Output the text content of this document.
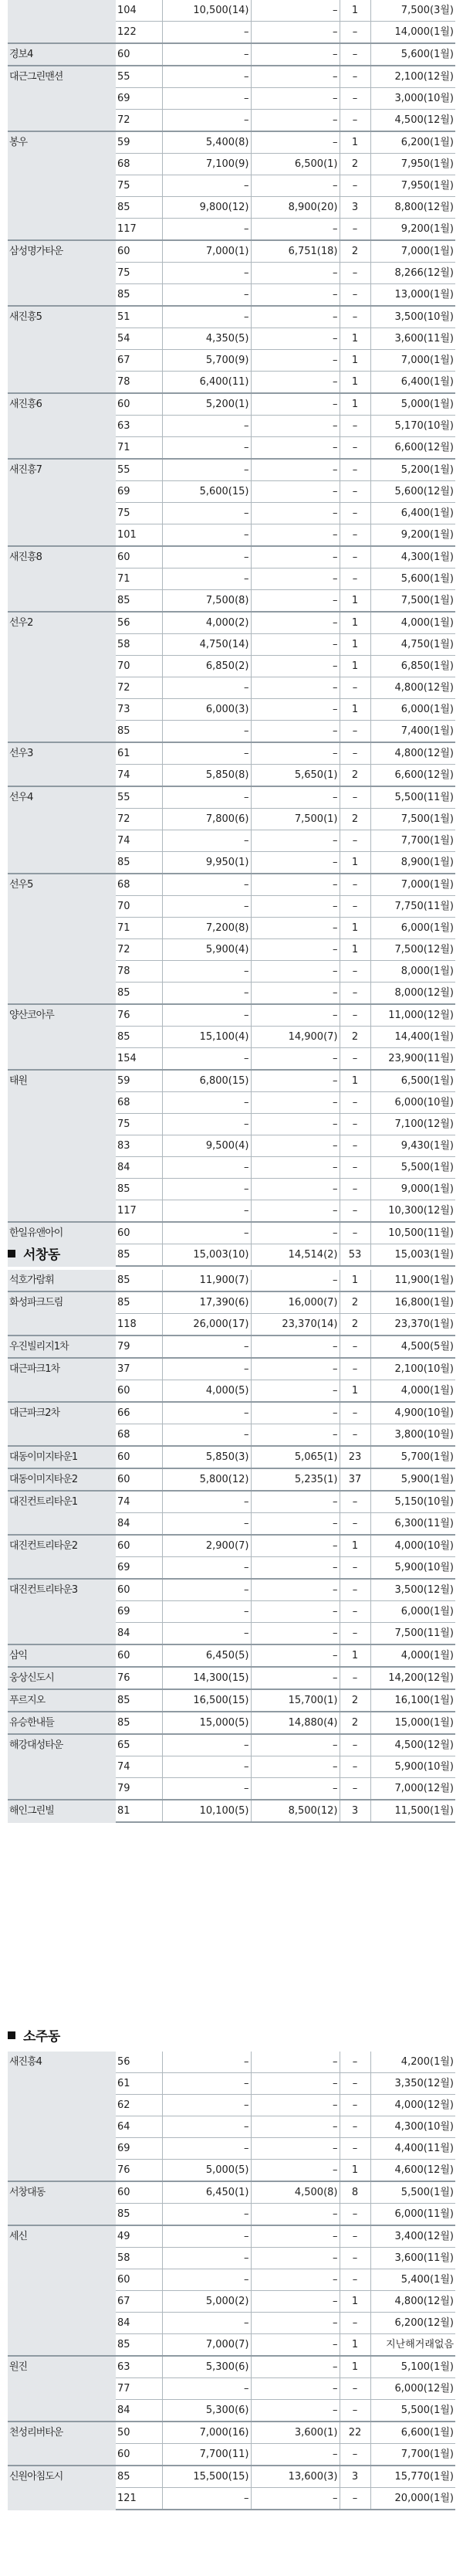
	104	10,500(14)	–	1	7,500(3월)
	122	–	–	–	14,000(1월)
경보4	60	–	–	–	5,600(1월)
대근그린맨션	55	–	–	–	2,100(12월)
	69	–	–	–	3,000(10월)
	72	–	–	–	4,500(12월)
봉우	59	5,400(8)	–	1	6,200(1월)
	68	7,100(9)	6,500(1)	2	7,950(1월)
	75	–	–	–	7,950(1월)
	85	9,800(12)	8,900(20)	3	8,800(12월)
	117	–	–	–	9,200(1월)
삼성명가타운	60	7,000(1)	6,751(18)	2	7,000(1월)
	75	–	–	–	8,266(12월)
	85	–	–	–	13,000(1월)
새진흥5	51	–	–	–	3,500(10월)
	54	4,350(5)	–	1	3,600(11월)
	67	5,700(9)	–	1	7,000(1월)
	78	6,400(11)	–	1	6,400(1월)
새진흥6	60	5,200(1)	–	1	5,000(1월)
	63	–	–	–	5,170(10월)
	71	–	–	–	6,600(12월)
새진흥7	55	–	–	–	5,200(1월)
	69	5,600(15)	–	–	5,600(12월)
	75	–	–	–	6,400(1월)
	101	–	–	–	9,200(1월)
새진흥8	60	–	–	–	4,300(1월)
	71	–	–	–	5,600(1월)
	85	7,500(8)	–	1	7,500(1월)
선우2	56	4,000(2)	–	1	4,000(1월)
	58	4,750(14)	–	1	4,750(1월)
	70	6,850(2)	–	1	6,850(1월)
	72	–	–	–	4,800(12월)
	73	6,000(3)	–	1	6,000(1월)
	85	–	–	–	7,400(1월)
선우3	61	–	–	–	4,800(12월)
	74	5,850(8)	5,650(1)	2	6,600(12월)
선우4	55	–	–	–	5,500(11월)
	72	7,800(6)	7,500(1)	2	7,500(1월)
	74	–	–	–	7,700(1월)
	85	9,950(1)	–	1	8,900(1월)
선우5	68	–	–	–	7,000(1월)
	70	–	–	–	7,750(11월)
	71	7,200(8)	–	1	6,000(1월)
	72	5,900(4)	–	1	7,500(12월)
	78	–	–	–	8,000(1월)
	85	–	–	–	8,000(12월)
양산코아루	76	–	–	–	11,000(12월)
	85	15,100(4)	14,900(7)	2	14,400(1월)
	154	–	–	–	23,900(11월)
태원	59	6,800(15)	–	1	6,500(1월)
	68	–	–	–	6,000(10월)
	75	–	–	–	7,100(12월)
	83	9,500(4)	–	–	9,430(1월)
	84	–	–	–	5,500(1월)
	85	–	–	–	9,000(1월)
	117	–	–	–	10,300(12월)
한일유앤아이	60	–	–	–	10,500(11월)
	85	15,003(10)	14,514(2)	53	15,003(1월)
서창동
석호가람휘	85	11,900(7)	–	1	11,900(1월)
화성파크드림	85	17,390(6)	16,000(7)	2	16,800(1월)
	118	26,000(17)	23,370(14)	2	23,370(1월)
우진빌리지1차	79	–	–	–	4,500(5월)
대근파크1차	37	–	–	–	2,100(10월)
	60	4,000(5)	–	1	4,000(1월)
대근파크2차	66	–	–	–	4,900(10월)
	68	–	–	–	3,800(10월)
대동이미지타운1	60	5,850(3)	5,065(1)	23	5,700(1월)
대동이미지타운2	60	5,800(12)	5,235(1)	37	5,900(1월)
대진컨트리타운1	74	–	–	–	5,150(10월)
	84	–	–	–	6,300(11월)
대진컨트리타운2	60	2,900(7)	–	1	4,000(10월)
	69	–	–	–	5,900(10월)
대진컨트리타운3	60	–	–	–	3,500(12월)
	69	–	–	–	6,000(1월)
	84	–	–	–	7,500(11월)
삼익	60	6,450(5)	–	1	4,000(1월)
웅상신도시	76	14,300(15)	–	–	14,200(12월)
푸르지오	85	16,500(15)	15,700(1)	2	16,100(1월)
유승한내들	85	15,000(5)	14,880(4)	2	15,000(1월)
해강대성타운	65	–	–	–	4,500(12월)
	74	–	–	–	5,900(10월)
	79	–	–	–	7,000(12월)
해인그린빌	81	10,100(5)	8,500(12)	3	11,500(1월)
소주동
새진흥4	56	–	–	–	4,200(1월)
	61	–	–	–	3,350(12월)
	62	–	–	–	4,000(12월)
	64	–	–	–	4,300(10월)
	69	–	–	–	4,400(11월)
	76	5,000(5)	–	1	4,600(12월)
서창대동	60	6,450(1)	4,500(8)	8	5,500(1월)
	85	–	–	–	6,000(11월)
세신	49	–	–	–	3,400(12월)
	58	–	–	–	3,600(11월)
	60	–	–	–	5,400(1월)
	67	5,000(2)	–	1	4,800(12월)
	84	–	–	–	6,200(12월)
	85	7,000(7)	–	1	지난해거래없음
원진	63	5,300(6)	–	1	5,100(1월)
	77	–	–	–	6,000(12월)
	84	5,300(6)	–	–	5,500(1월)
천성리버타운	50	7,000(16)	3,600(1)	22	6,600(1월)
	60	7,700(11)	–	–	7,700(1월)
신원아침도시	85	15,500(15)	13,600(3)	3	15,770(1월)
	121	–	–	–	20,000(1월)
